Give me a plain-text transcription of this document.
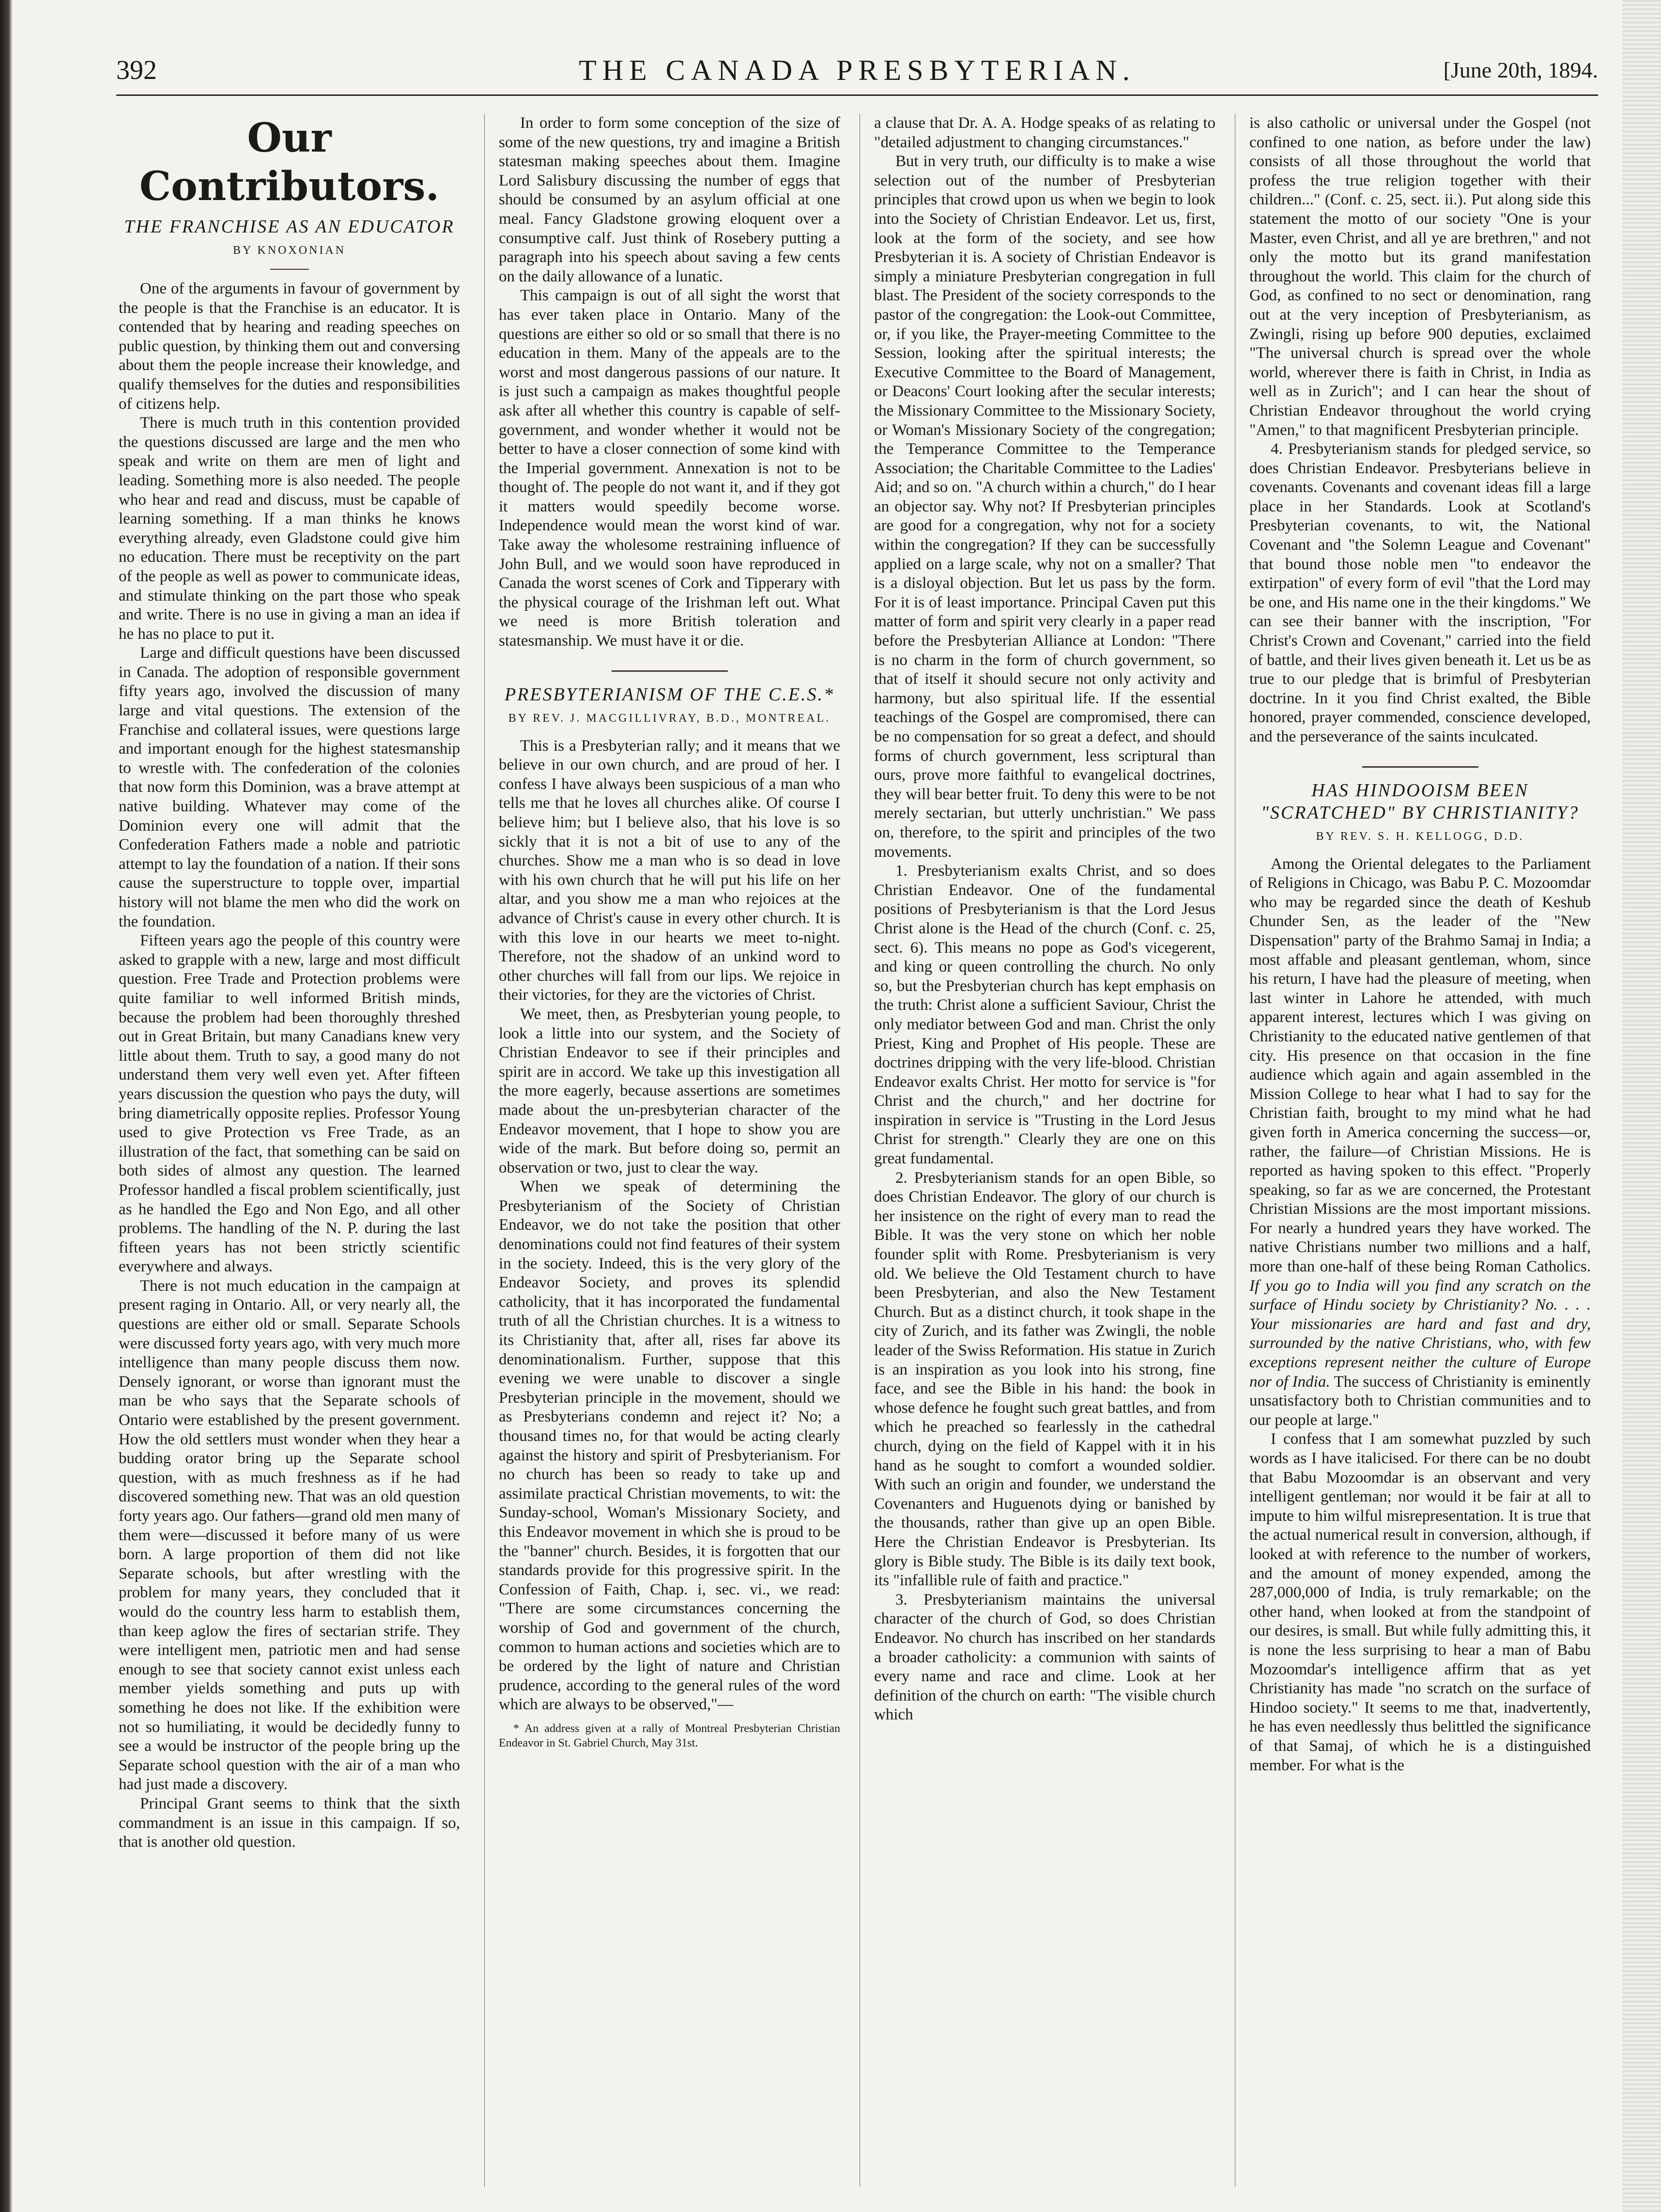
THE CANADA PRESBYTERIAN.
392	[June 20th, 1894.
Our Contributors.
THE FRANCHISE AS AN EDUCATOR
BY KNOXONIAN

One of the arguments in favour of government by the people is that the Franchise is an educator. It is contended that by hearing and reading speeches on public question, by thinking them out and conversing about them the people increase their knowledge, and qualify themselves for the duties and responsibilities of citizens help.

There is much truth in this contention provided the questions discussed are large and the men who speak and write on them are men of light and leading. Something more is also needed. The people who hear and read and discuss, must be capable of learning something. If a man thinks he knows everything already, even Gladstone could give him no education. There must be receptivity on the part of the people as well as power to communicate ideas, and stimulate thinking on the part those who speak and write. There is no use in giving a man an idea if he has no place to put it.

Large and difficult questions have been discussed in Canada. The adoption of responsible government fifty years ago, involved the discussion of many large and vital questions. The extension of the Franchise and collateral issues, were questions large and important enough for the highest statesmanship to wrestle with. The confederation of the colonies that now form this Dominion, was a brave attempt at native building. Whatever may come of the Dominion every one will admit that the Confederation Fathers made a noble and patriotic attempt to lay the foundation of a nation. If their sons cause the superstructure to topple over, impartial history will not blame the men who did the work on the foundation.

Fifteen years ago the people of this country were asked to grapple with a new, large and most difficult question. Free Trade and Protection problems were quite familiar to well informed British minds, because the problem had been thoroughly threshed out in Great Britain, but many Canadians knew very little about them. Truth to say, a good many do not understand them very well even yet. After fifteen years discussion the question who pays the duty, will bring diametrically opposite replies. Professor Young used to give Protection vs Free Trade, as an illustration of the fact, that something can be said on both sides of almost any question. The learned Professor handled a fiscal problem scientifically, just as he handled the Ego and Non Ego, and all other problems. The handling of the N. P. during the last fifteen years has not been strictly scientific everywhere and always.

There is not much education in the campaign at present raging in Ontario. All, or very nearly all, the questions are either old or small. Separate Schools were discussed forty years ago, with very much more intelligence than many people discuss them now. Densely ignorant, or worse than ignorant must the man be who says that the Separate schools of Ontario were established by the present government. How the old settlers must wonder when they hear a budding orator bring up the Separate school question, with as much freshness as if he had discovered something new. That was an old question forty years ago. Our fathers—grand old men many of them were—discussed it before many of us were born. A large proportion of them did not like Separate schools, but after wrestling with the problem for many years, they concluded that it would do the country less harm to establish them, than keep aglow the fires of sectarian strife. They were intelligent men, patriotic men and had sense enough to see that society cannot exist unless each member yields something and puts up with something he does not like. If the exhibition were not so humiliating, it would be decidedly funny to see a would be instructor of the people bring up the Separate school question with the air of a man who had just made a discovery.

Principal Grant seems to think that the sixth commandment is an issue in this campaign. If so, that is another old question.

In order to form some conception of the size of some of the new questions, try and imagine a British statesman making speeches about them. Imagine Lord Salisbury discussing the number of eggs that should be consumed by an asylum official at one meal. Fancy Gladstone growing eloquent over a consumptive calf. Just think of Rosebery putting a paragraph into his speech about saving a few cents on the daily allowance of a lunatic.

This campaign is out of all sight the worst that has ever taken place in Ontario. Many of the questions are either so old or so small that there is no education in them. Many of the appeals are to the worst and most dangerous passions of our nature. It is just such a campaign as makes thoughtful people ask after all whether this country is capable of self-government, and wonder whether it would not be better to have a closer connection of some kind with the Imperial government. Annexation is not to be thought of. The people do not want it, and if they got it matters would speedily become worse. Independence would mean the worst kind of war. Take away the wholesome restraining influence of John Bull, and we would soon have reproduced in Canada the worst scenes of Cork and Tipperary with the physical courage of the Irishman left out. What we need is more British toleration and statesmanship. We must have it or die.

PRESBYTERIANISM OF THE C.E.S.*
BY REV. J. MACGILLIVRAY, B.D., MONTREAL.

This is a Presbyterian rally; and it means that we believe in our own church, and are proud of her. I confess I have always been suspicious of a man who tells me that he loves all churches alike. Of course I believe him; but I believe also, that his love is so sickly that it is not a bit of use to any of the churches. Show me a man who is so dead in love with his own church that he will put his life on her altar, and you show me a man who rejoices at the advance of Christ's cause in every other church. It is with this love in our hearts we meet to-night. Therefore, not the shadow of an unkind word to other churches will fall from our lips. We rejoice in their victories, for they are the victories of Christ.

We meet, then, as Presbyterian young people, to look a little into our system, and the Society of Christian Endeavor to see if their principles and spirit are in accord. We take up this investigation all the more eagerly, because assertions are sometimes made about the un-presbyterian character of the Endeavor movement, that I hope to show you are wide of the mark. But before doing so, permit an observation or two, just to clear the way.

When we speak of determining the Presbyterianism of the Society of Christian Endeavor, we do not take the position that other denominations could not find features of their system in the society. Indeed, this is the very glory of the Endeavor Society, and proves its splendid catholicity, that it has incorporated the fundamental truth of all the Christian churches. It is a witness to its Christianity that, after all, rises far above its denominationalism. Further, suppose that this evening we were unable to discover a single Presbyterian principle in the movement, should we as Presbyterians condemn and reject it? No; a thousand times no, for that would be acting clearly against the history and spirit of Presbyterianism. For no church has been so ready to take up and assimilate practical Christian movements, to wit: the Sunday-school, Woman's Missionary Society, and this Endeavor movement in which she is proud to be the "banner" church. Besides, it is forgotten that our standards provide for this progressive spirit. In the Confession of Faith, Chap. i, sec. vi., we read: "There are some circumstances concerning the worship of God and government of the church, common to human actions and societies which are to be ordered by the light of nature and Christian prudence, according to the general rules of the word which are always to be observed,"—

* An address given at a rally of Montreal Presbyterian Christian Endeavor in St. Gabriel Church, May 31st.

a clause that Dr. A. A. Hodge speaks of as relating to "detailed adjustment to changing circumstances."

But in very truth, our difficulty is to make a wise selection out of the number of Presbyterian principles that crowd upon us when we begin to look into the Society of Christian Endeavor. Let us, first, look at the form of the society, and see how Presbyterian it is. A society of Christian Endeavor is simply a miniature Presbyterian congregation in full blast. The President of the society corresponds to the pastor of the congregation: the Look-out Committee, or, if you like, the Prayer-meeting Committee to the Session, looking after the spiritual interests; the Executive Committee to the Board of Management, or Deacons' Court looking after the secular interests; the Missionary Committee to the Missionary Society, or Woman's Missionary Society of the congregation; the Temperance Committee to the Temperance Association; the Charitable Committee to the Ladies' Aid; and so on. "A church within a church," do I hear an objector say. Why not? If Presbyterian principles are good for a congregation, why not for a society within the congregation? If they can be successfully applied on a large scale, why not on a smaller? That is a disloyal objection. But let us pass by the form. For it is of least importance. Principal Caven put this matter of form and spirit very clearly in a paper read before the Presbyterian Alliance at London: "There is no charm in the form of church government, so that of itself it should secure not only activity and harmony, but also spiritual life. If the essential teachings of the Gospel are compromised, there can be no compensation for so great a defect, and should forms of church government, less scriptural than ours, prove more faithful to evangelical doctrines, they will bear better fruit. To deny this were to be not merely sectarian, but utterly unchristian." We pass on, therefore, to the spirit and principles of the two movements.

1. Presbyterianism exalts Christ, and so does Christian Endeavor. One of the fundamental positions of Presbyterianism is that the Lord Jesus Christ alone is the Head of the church (Conf. c. 25, sect. 6). This means no pope as God's vicegerent, and king or queen controlling the church. No only so, but the Presbyterian church has kept emphasis on the truth: Christ alone a sufficient Saviour, Christ the only mediator between God and man. Christ the only Priest, King and Prophet of His people. These are doctrines dripping with the very life-blood. Christian Endeavor exalts Christ. Her motto for service is "for Christ and the church," and her doctrine for inspiration in service is "Trusting in the Lord Jesus Christ for strength." Clearly they are one on this great fundamental.

2. Presbyterianism stands for an open Bible, so does Christian Endeavor. The glory of our church is her insistence on the right of every man to read the Bible. It was the very stone on which her noble founder split with Rome. Presbyterianism is very old. We believe the Old Testament church to have been Presbyterian, and also the New Testament Church. But as a distinct church, it took shape in the city of Zurich, and its father was Zwingli, the noble leader of the Swiss Reformation. His statue in Zurich is an inspiration as you look into his strong, fine face, and see the Bible in his hand: the book in whose defence he fought such great battles, and from which he preached so fearlessly in the cathedral church, dying on the field of Kappel with it in his hand as he sought to comfort a wounded soldier. With such an origin and founder, we understand the Covenanters and Huguenots dying or banished by the thousands, rather than give up an open Bible. Here the Christian Endeavor is Presbyterian. Its glory is Bible study. The Bible is its daily text book, its "infallible rule of faith and practice."

3. Presbyterianism maintains the universal character of the church of God, so does Christian Endeavor. No church has inscribed on her standards a broader catholicity: a communion with saints of every name and race and clime. Look at her definition of the church on earth: "The visible church which

is also catholic or universal under the Gospel (not confined to one nation, as before under the law) consists of all those throughout the world that profess the true religion together with their children..." (Conf. c. 25, sect. ii.). Put along side this statement the motto of our society "One is your Master, even Christ, and all ye are brethren," and not only the motto but its grand manifestation throughout the world. This claim for the church of God, as confined to no sect or denomination, rang out at the very inception of Presbyterianism, as Zwingli, rising up before 900 deputies, exclaimed "The universal church is spread over the whole world, wherever there is faith in Christ, in India as well as in Zurich"; and I can hear the shout of Christian Endeavor throughout the world crying "Amen," to that magnificent Presbyterian principle.

4. Presbyterianism stands for pledged service, so does Christian Endeavor. Presbyterians believe in covenants. Covenants and covenant ideas fill a large place in her Standards. Look at Scotland's Presbyterian covenants, to wit, the National Covenant and "the Solemn League and Covenant" that bound those noble men "to endeavor the extirpation" of every form of evil "that the Lord may be one, and His name one in the their kingdoms." We can see their banner with the inscription, "For Christ's Crown and Covenant," carried into the field of battle, and their lives given beneath it. Let us be as true to our pledge that is brimful of Presbyterian doctrine. In it you find Christ exalted, the Bible honored, prayer commended, conscience developed, and the perseverance of the saints inculcated.

HAS HINDOOISM BEEN "SCRATCHED" BY CHRISTIANITY?
BY REV. S. H. KELLOGG, D.D.

Among the Oriental delegates to the Parliament of Religions in Chicago, was Babu P. C. Mozoomdar who may be regarded since the death of Keshub Chunder Sen, as the leader of the "New Dispensation" party of the Brahmo Samaj in India; a most affable and pleasant gentleman, whom, since his return, I have had the pleasure of meeting, when last winter in Lahore he attended, with much apparent interest, lectures which I was giving on Christianity to the educated native gentlemen of that city. His presence on that occasion in the fine audience which again and again assembled in the Mission College to hear what I had to say for the Christian faith, brought to my mind what he had given forth in America concerning the success—or, rather, the failure—of Christian Missions. He is reported as having spoken to this effect. "Properly speaking, so far as we are concerned, the Protestant Christian Missions are the most important missions. For nearly a hundred years they have worked. The native Christians number two millions and a half, more than one-half of these being Roman Catholics. If you go to India will you find any scratch on the surface of Hindu society by Christianity? No. . . . Your missionaries are hard and fast and dry, surrounded by the native Christians, who, with few exceptions represent neither the culture of Europe nor of India. The success of Christianity is eminently unsatisfactory both to Christian communities and to our people at large."

I confess that I am somewhat puzzled by such words as I have italicised. For there can be no doubt that Babu Mozoomdar is an observant and very intelligent gentleman; nor would it be fair at all to impute to him wilful misrepresentation. It is true that the actual numerical result in conversion, although, if looked at with reference to the number of workers, and the amount of money expended, among the 287,000,000 of India, is truly remarkable; on the other hand, when looked at from the standpoint of our desires, is small. But while fully admitting this, it is none the less surprising to hear a man of Babu Mozoomdar's intelligence affirm that as yet Christianity has made "no scratch on the surface of Hindoo society." It seems to me that, inadvertently, he has even needlessly thus belittled the significance of that Samaj, of which he is a distinguished member. For what is the
